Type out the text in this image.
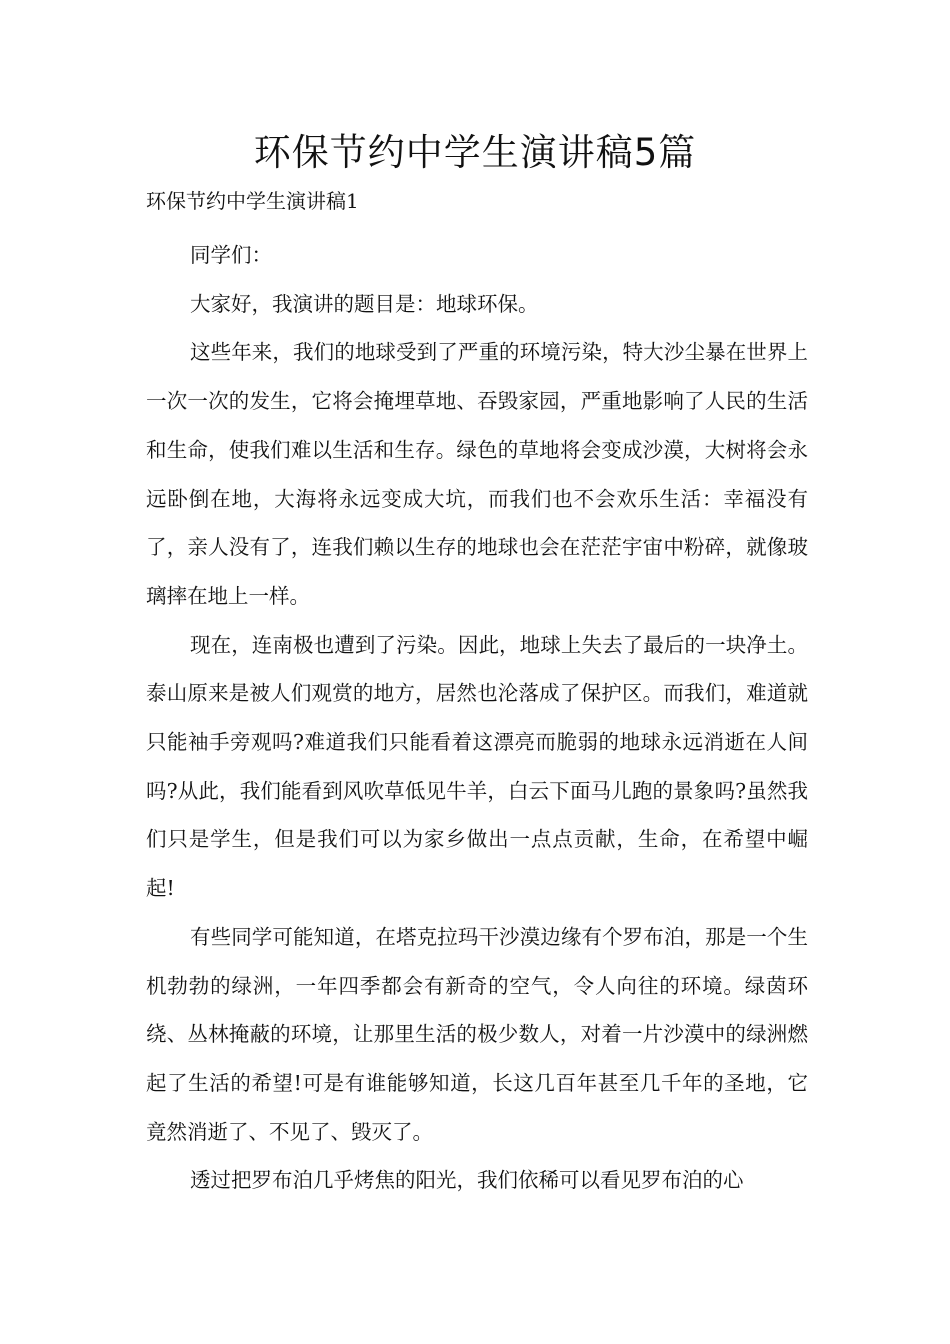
环保节约中学生演讲稿5篇

环保节约中学生演讲稿1

同学们：

大家好，我演讲的题目是：地球环保。

这些年来，我们的地球受到了严重的环境污染，特大沙尘暴在世界上一次一次的发生，它将会掩埋草地、吞毁家园，严重地影响了人民的生活和生命，使我们难以生活和生存。绿色的草地将会变成沙漠，大树将会永远卧倒在地，大海将永远变成大坑，而我们也不会欢乐生活：幸福没有了，亲人没有了，连我们赖以生存的地球也会在茫茫宇宙中粉碎，就像玻璃摔在地上一样。

现在，连南极也遭到了污染。因此，地球上失去了最后的一块净土。泰山原来是被人们观赏的地方，居然也沦落成了保护区。而我们，难道就只能袖手旁观吗?难道我们只能看着这漂亮而脆弱的地球永远消逝在人间吗?从此，我们能看到风吹草低见牛羊，白云下面马儿跑的景象吗?虽然我们只是学生，但是我们可以为家乡做出一点点贡献，生命，在希望中崛起!

有些同学可能知道，在塔克拉玛干沙漠边缘有个罗布泊，那是一个生机勃勃的绿洲，一年四季都会有新奇的空气，令人向往的环境。绿茵环绕、丛林掩蔽的环境，让那里生活的极少数人，对着一片沙漠中的绿洲燃起了生活的希望!可是有谁能够知道，长这几百年甚至几千年的圣地，它竟然消逝了、不见了、毁灭了。

透过把罗布泊几乎烤焦的阳光，我们依稀可以看见罗布泊的心
